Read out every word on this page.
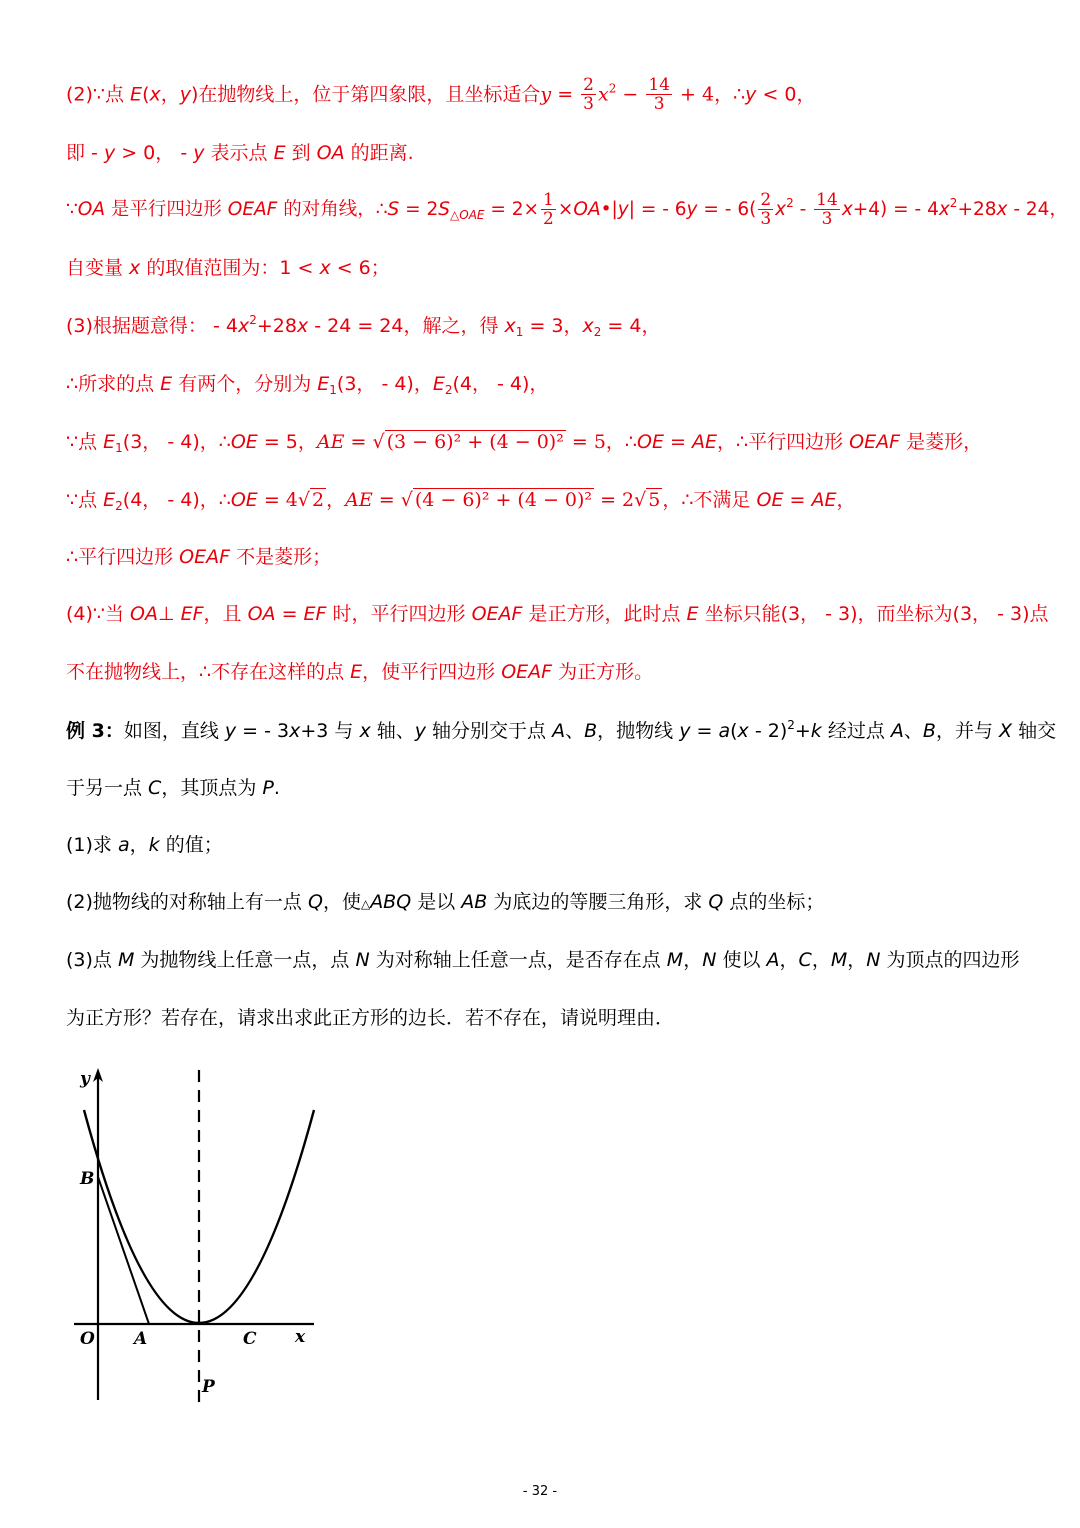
(2)∵点 E(x，y)在抛物线上，位于第四象限，且坐标适合$y = \frac{2}{3} x^2 - \frac{14}{3} + 4$，∴y < 0，
即 - y > 0， - y 表示点 E 到 OA 的距离.
∵OA 是平行四边形 OEAF 的对角线，∴S = $2S_{\triangle OAE} = 2\times \frac{1}{2}$ ×OA•|y| = - 6y = - $6( \frac{2}{3} x^2 - \frac{14}{3} x+4)$ = - $4x^2+28x - 24$，
自变量 x 的取值范围为：1 < x < 6；
(3)根据题意得： - $4x^2+28x - 24 = 24$，解之，得 $x_1 = 3$，$x_2 = 4$，
∴所求的点 E 有两个，分别为 $E_1(3$， - 4)，$E_2(4$， - 4)，
∵点 $E_1(3$， - 4)，∴OE = 5，AE = √ (3 − 6)² + (4 − 0)² = 5，∴OE = AE，∴平行四边形 OEAF 是菱形，
∵点 $E_2(4$， - 4)，∴OE = 4√ 2 ，AE = √ (4 − 6)² + (4 − 0)² = 2√ 5 ，∴不满足 OE = AE，
∴平行四边形 OEAF 不是菱形；
(4)∵当 OA⊥ EF，且 OA = EF 时，平行四边形 OEAF 是正方形，此时点 E 坐标只能(3， - 3)，而坐标为(3， - 3)点
不在抛物线上，∴不存在这样的点 E，使平行四边形 OEAF 为正方形。
例 3：如图，直线 y = - 3x+3 与 x 轴、y 轴分别交于点 A、B，抛物线 y = a(x - 2)$^2$+k 经过点 A、B，并与 X 轴交
于另一点 C，其顶点为 P.
(1)求 a，k 的值；
(2)抛物线的对称轴上有一点 Q，使△ABQ 是以 AB 为底边的等腰三角形，求 Q 点的坐标；
(3)点 M 为抛物线上任意一点，点 N 为对称轴上任意一点，是否存在点 M，N 使以 A，C，M，N 为顶点的四边形
为正方形？若存在，请求出求此正方形的边长．若不存在，请说明理由．
y
x
O A
B
C
P
- 32 -
